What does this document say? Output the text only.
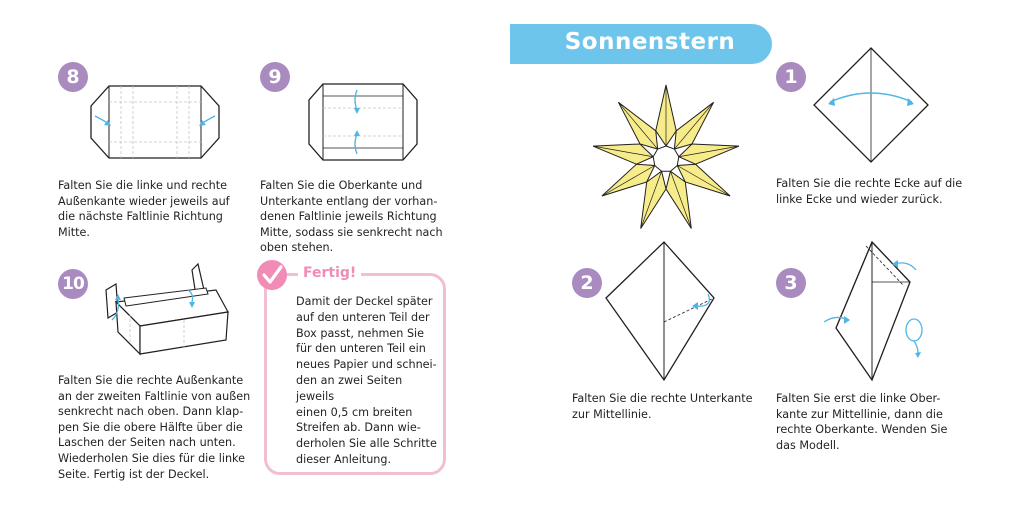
8
Falten Sie die linke und rechte
Außenkante wieder jeweils auf
die nächste Faltlinie Richtung
Mitte.
9
Falten Sie die Oberkante und
Unterkante entlang der vorhan-
denen Faltlinie jeweils Richtung
Mitte, sodass sie senkrecht nach
oben stehen.
10
Falten Sie die rechte Außenkante
an der zweiten Faltlinie von außen
senkrecht nach oben. Dann klap-
pen Sie die obere Hälfte über die
Laschen der Seiten nach unten.
Wiederholen Sie dies für die linke
Seite. Fertig ist der Deckel.
Fertig!
Damit der Deckel später
auf den unteren Teil der
Box passt, nehmen Sie
für den unteren Teil ein
neues Papier und schnei-
den an zwei Seiten jeweils
einen 0,5 cm breiten
Streifen ab. Dann wie-
derholen Sie alle Schritte
dieser Anleitung.
Sonnenstern
1
Falten Sie die rechte Ecke auf die
linke Ecke und wieder zurück.
2
Falten Sie die rechte Unterkante
zur Mittellinie.
3
Falten Sie erst die linke Ober-
kante zur Mittellinie, dann die
rechte Oberkante. Wenden Sie
das Modell.
